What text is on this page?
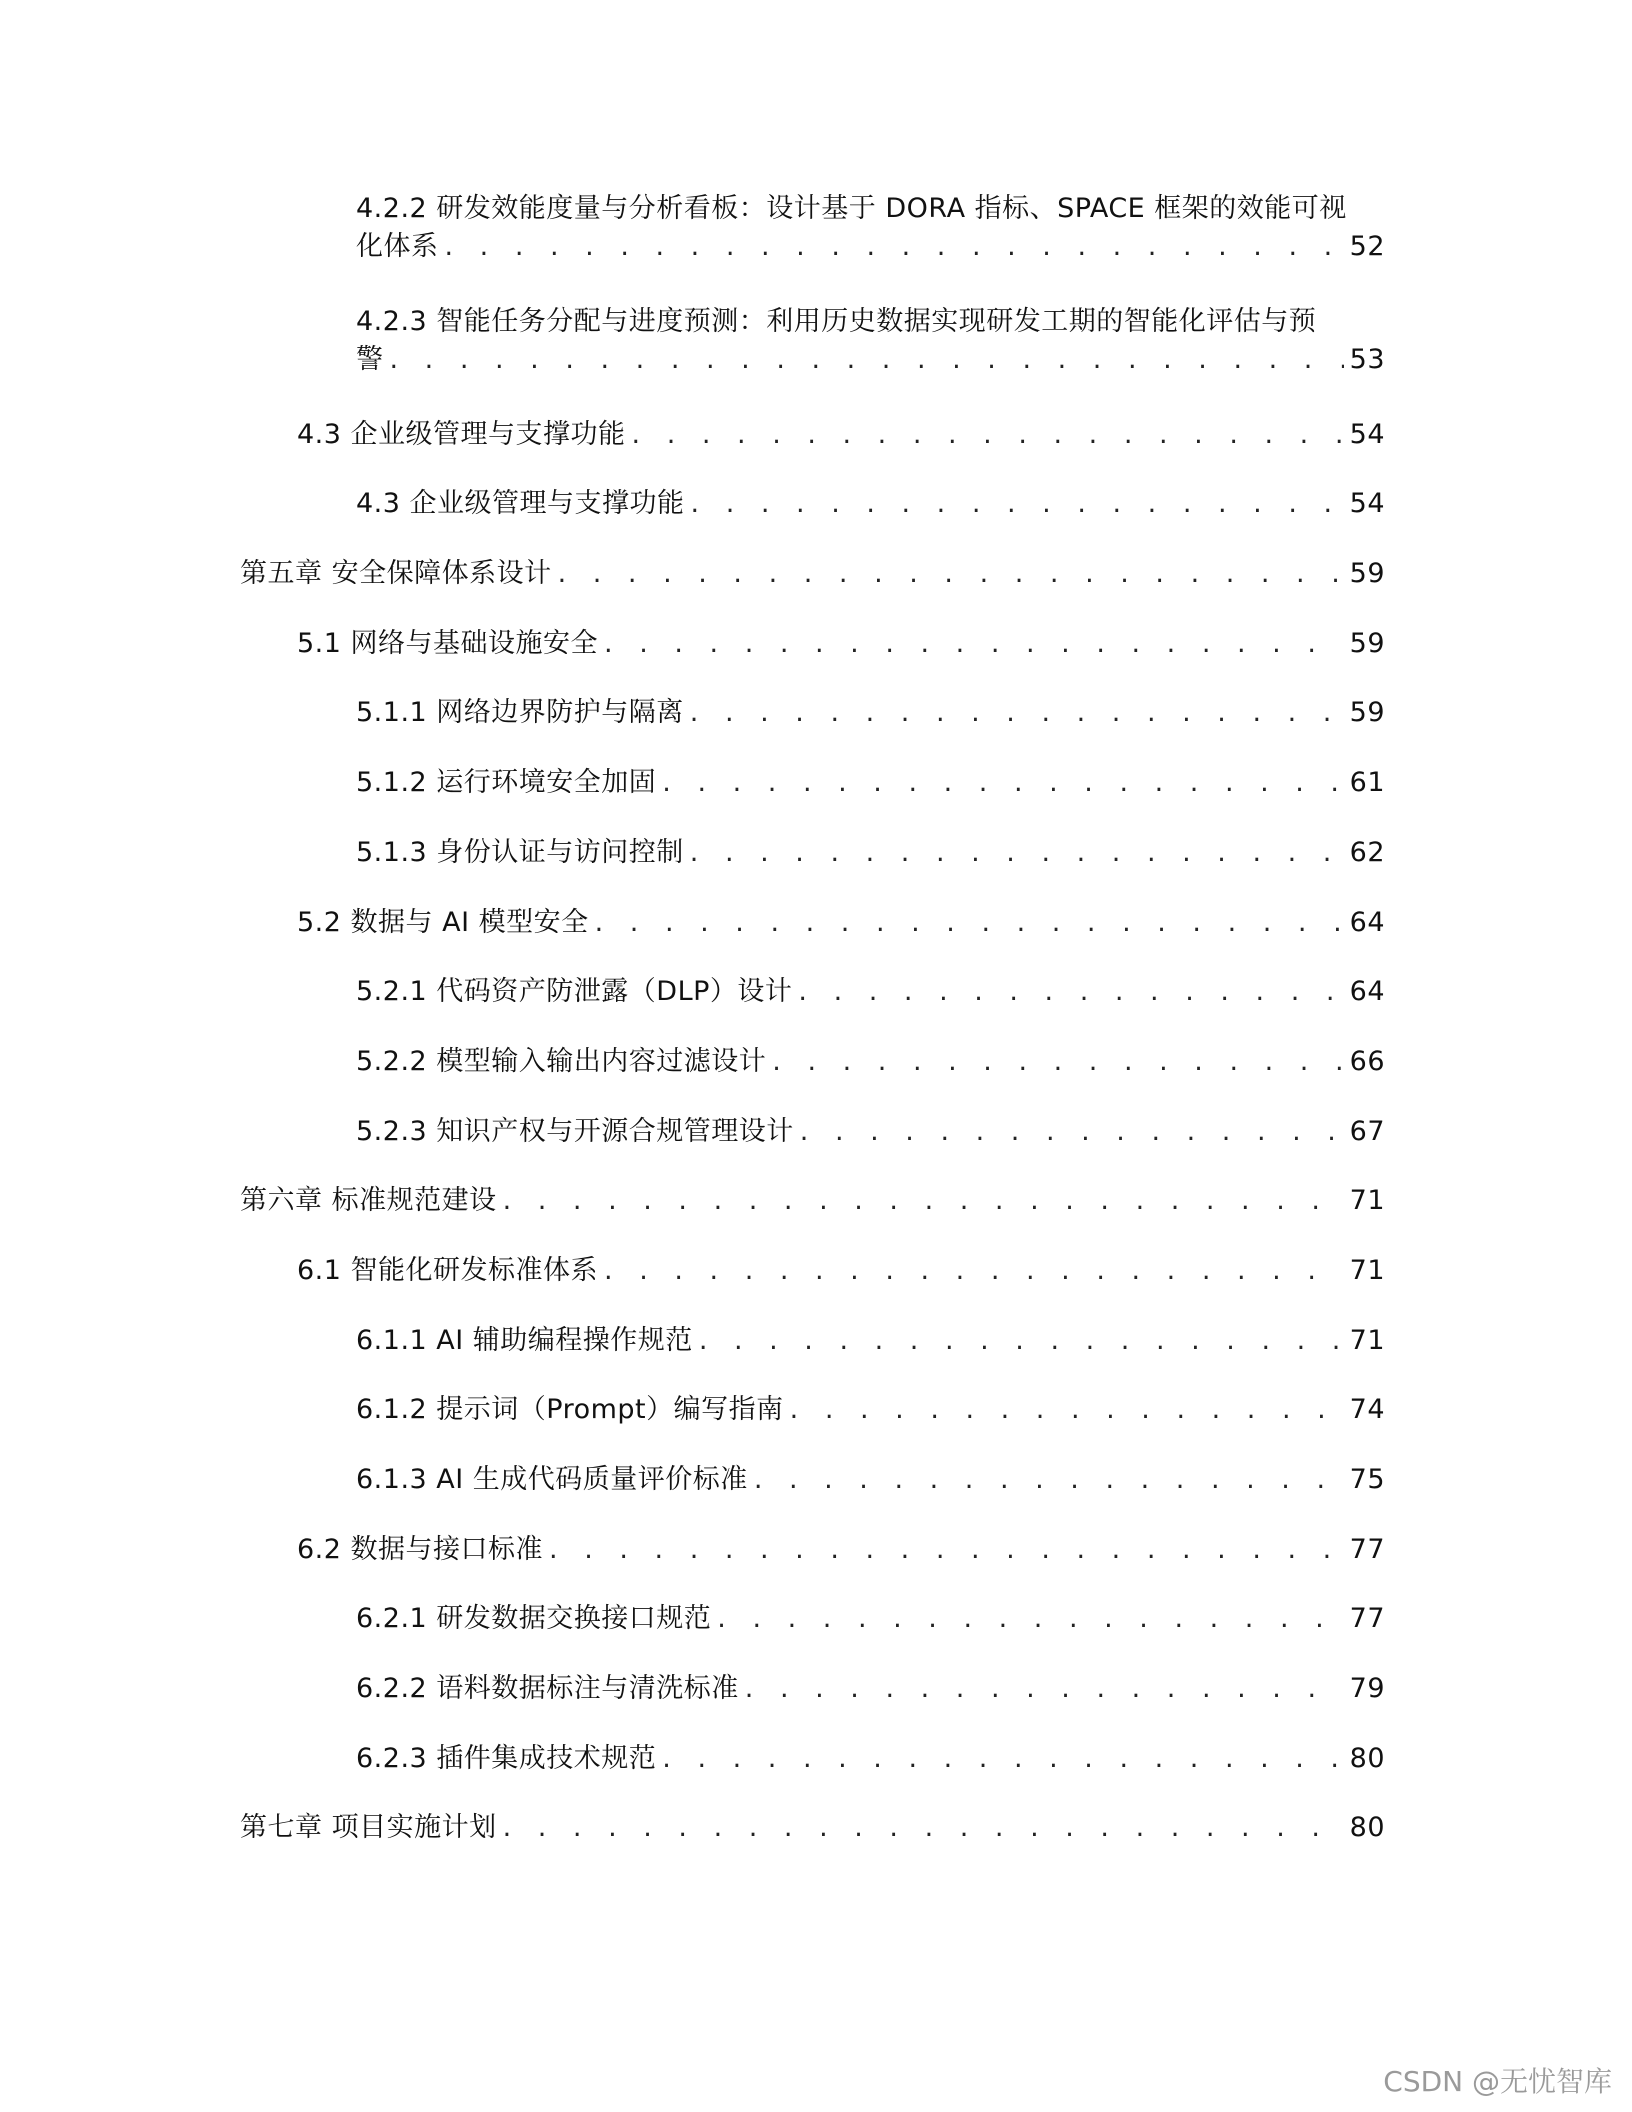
4.2.2 研发效能度量与分析看板：设计基于 DORA 指标、SPACE 框架的效能可视
化体系 . . .	52
4.2.3 智能任务分配与进度预测：利用历史数据实现研发工期的智能化评估与预
警 . . .	53
4.3 企业级管理与支撑功能 . . .	54
4.3 企业级管理与支撑功能 . . .	54
第五章 安全保障体系设计 . . .	59
5.1 网络与基础设施安全 . . .	59
5.1.1 网络边界防护与隔离 . . .	59
5.1.2 运行环境安全加固 . . .	61
5.1.3 身份认证与访问控制 . . .	62
5.2 数据与 AI 模型安全 . . .	64
5.2.1 代码资产防泄露（DLP）设计 . . .	64
5.2.2 模型输入输出内容过滤设计 . . .	66
5.2.3 知识产权与开源合规管理设计 . . .	67
第六章 标准规范建设 . . .	71
6.1 智能化研发标准体系 . . .	71
6.1.1 AI 辅助编程操作规范 . . .	71
6.1.2 提示词（Prompt）编写指南 . . .	74
6.1.3 AI 生成代码质量评价标准 . . .	75
6.2 数据与接口标准 . . .	77
6.2.1 研发数据交换接口规范 . . .	77
6.2.2 语料数据标注与清洗标准 . . .	79
6.2.3 插件集成技术规范 . . .	80
第七章 项目实施计划 . . .	80
CSDN @无忧智库
